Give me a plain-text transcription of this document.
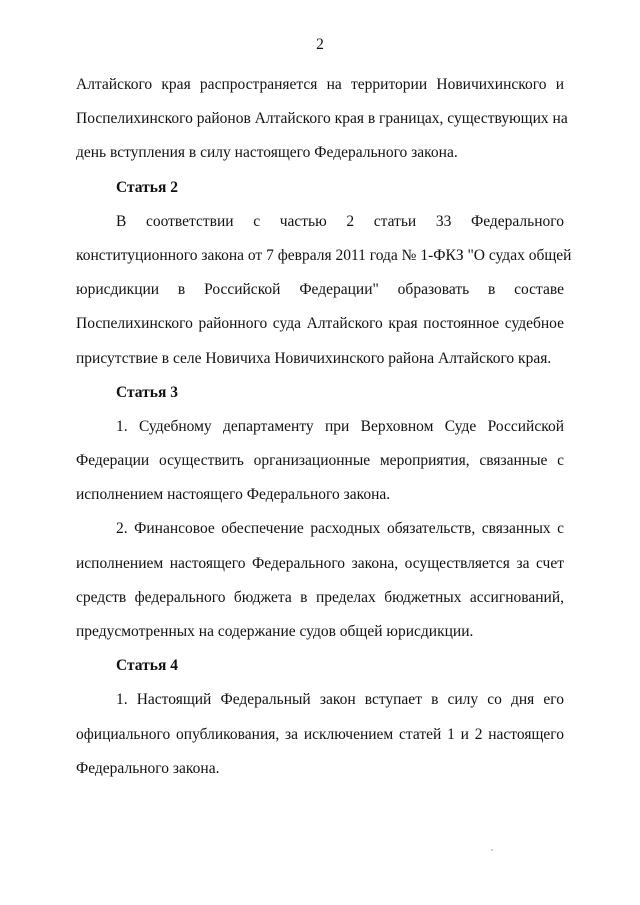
2
Алтайского края распространяется на территории Новичихинского и
Поспелихинского районов Алтайского края в границах, существующих на
день вступления в силу настоящего Федерального закона.
Статья 2
В соответствии с частью 2 статьи 33 Федерального
конституционного закона от 7 февраля 2011 года № 1-ФКЗ "О судах общей
юрисдикции в Российской Федерации" образовать в составе
Поспелихинского районного суда Алтайского края постоянное судебное
присутствие в селе Новичиха Новичихинского района Алтайского края.
Статья 3
1. Судебному департаменту при Верховном Суде Российской
Федерации осуществить организационные мероприятия, связанные с
исполнением настоящего Федерального закона.
2. Финансовое обеспечение расходных обязательств, связанных с
исполнением настоящего Федерального закона, осуществляется за счет
средств федерального бюджета в пределах бюджетных ассигнований,
предусмотренных на содержание судов общей юрисдикции.
Статья 4
1. Настоящий Федеральный закон вступает в силу со дня его
официального опубликования, за исключением статей 1 и 2 настоящего
Федерального закона.
